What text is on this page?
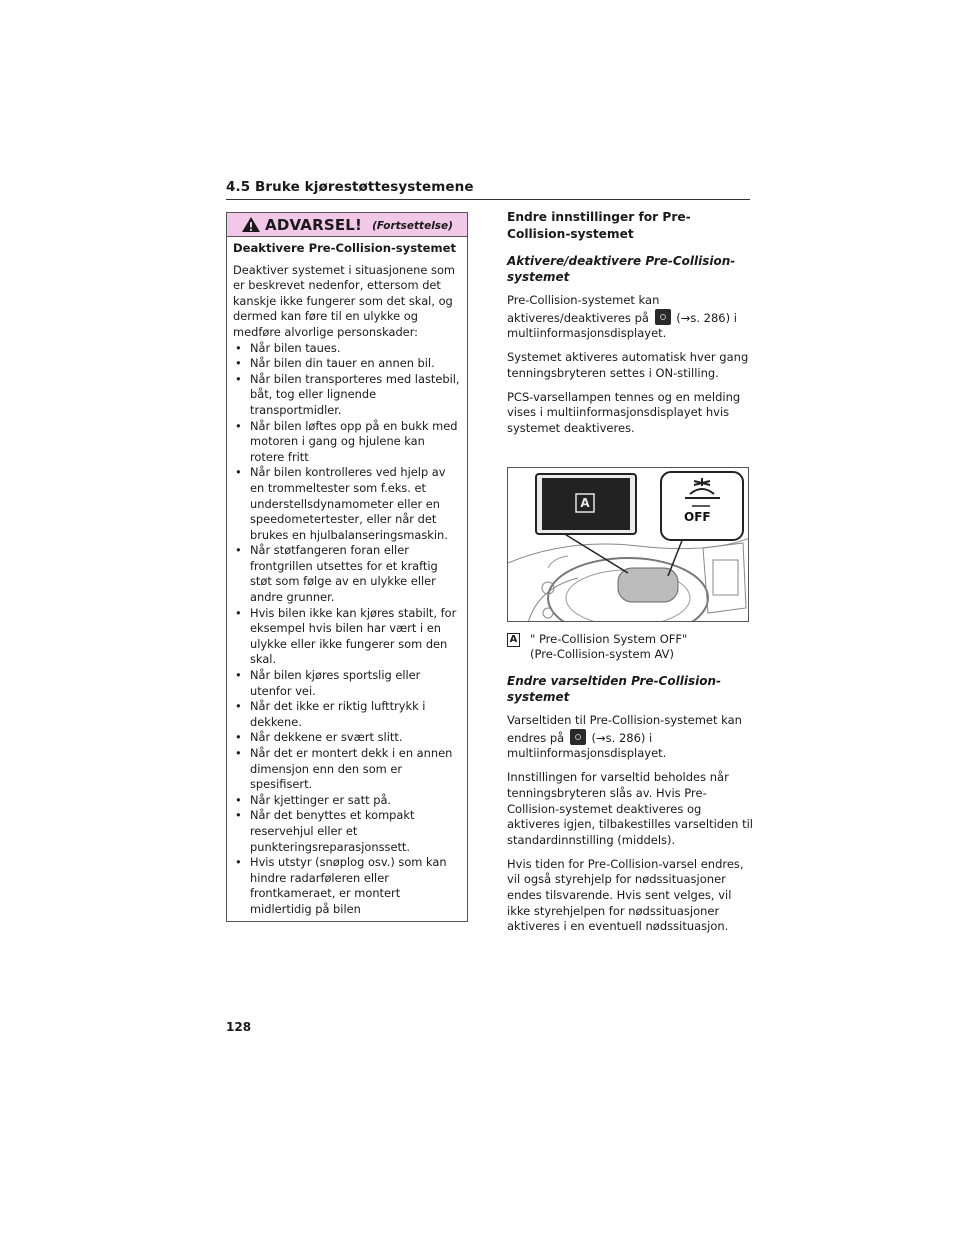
4.5 Bruke kjørestøttesystemene
ADVARSEL! (Fortsettelse)
Deaktivere Pre-Collision-systemet

Deaktiver systemet i situasjonene som er beskrevet nedenfor, ettersom det kanskje ikke fungerer som det skal, og dermed kan føre til en ulykke og medføre alvorlige personskader:

• Når bilen taues.
• Når bilen din tauer en annen bil.
• Når bilen transporteres med lastebil, båt, tog eller lignende transportmidler.
• Når bilen løftes opp på en bukk med motoren i gang og hjulene kan rotere fritt
• Når bilen kontrolleres ved hjelp av en trommeltester som f.eks. et understellsdynamometer eller en speedometertester, eller når det brukes en hjulbalanseringsmaskin.
• Når støtfangeren foran eller frontgrillen utsettes for et kraftig støt som følge av en ulykke eller andre grunner.
• Hvis bilen ikke kan kjøres stabilt, for eksempel hvis bilen har vært i en ulykke eller ikke fungerer som den skal.
• Når bilen kjøres sportslig eller utenfor vei.
• Når det ikke er riktig lufttrykk i dekkene.
• Når dekkene er svært slitt.
• Når det er montert dekk i en annen dimensjon enn den som er spesifisert.
• Når kjettinger er satt på.
• Når det benyttes et kompakt reservehjul eller et punkteringsreparasjonssett.
• Hvis utstyr (snøplog osv.) som kan hindre radarføleren eller frontkameraet, er montert midlertidig på bilen
Endre innstillinger for Pre-Collision-systemet
Aktivere/deaktivere Pre-Collision-systemet

Pre-Collision-systemet kan aktiveres/deaktiveres på (→s. 286) i multiinformasjonsdisplayet.

Systemet aktiveres automatisk hver gang tenningsbryteren settes i ON-stilling.

PCS-varsellampen tennes og en melding vises i multiinformasjonsdisplayet hvis systemet deaktiveres.

A
OFF
A " Pre-Collision System OFF"
(Pre-Collision-system AV)
Endre varseltiden Pre-Collision-systemet

Varseltiden til Pre-Collision-systemet kan endres på (→s. 286) i multiinformasjonsdisplayet.

Innstillingen for varseltid beholdes når tenningsbryteren slås av. Hvis Pre-Collision-systemet deaktiveres og aktiveres igjen, tilbakestilles varseltiden til standardinnstilling (middels).

Hvis tiden for Pre-Collision-varsel endres, vil også styrehjelp for nødssituasjoner endes tilsvarende. Hvis sent velges, vil ikke styrehjelpen for nødssituasjoner aktiveres i en eventuell nødssituasjon.

128
